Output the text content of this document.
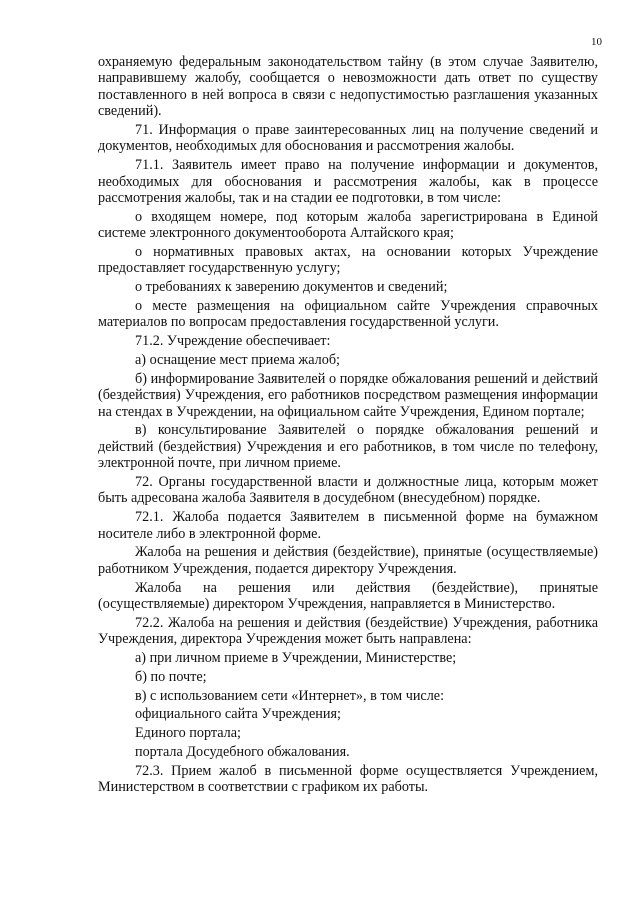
10

охраняемую федеральным законодательством тайну (в этом случае Заявителю, направившему жалобу, сообщается о невозможности дать ответ по существу поставленного в ней вопроса в связи с недопустимостью разглашения указанных сведений).

71. Информация о праве заинтересованных лиц на получение сведений и документов, необходимых для обоснования и рассмотрения жалобы.

71.1. Заявитель имеет право на получение информации и документов, необходимых для обоснования и рассмотрения жалобы, как в процессе рассмотрения жалобы, так и на стадии ее подготовки, в том числе:

о входящем номере, под которым жалоба зарегистрирована в Единой системе электронного документооборота Алтайского края;

о нормативных правовых актах, на основании которых Учреждение предоставляет государственную услугу;

о требованиях к заверению документов и сведений;

о месте размещения на официальном сайте Учреждения справочных материалов по вопросам предоставления государственной услуги.

71.2. Учреждение обеспечивает:

а) оснащение мест приема жалоб;

б) информирование Заявителей о порядке обжалования решений и действий (бездействия) Учреждения, его работников посредством размещения информации на стендах в Учреждении, на официальном сайте Учреждения, Едином портале;

в) консультирование Заявителей о порядке обжалования решений и действий (бездействия) Учреждения и его работников, в том числе по телефону, электронной почте, при личном приеме.

72. Органы государственной власти и должностные лица, которым может быть адресована жалоба Заявителя в досудебном (внесудебном) порядке.

72.1. Жалоба подается Заявителем в письменной форме на бумажном носителе либо в электронной форме.

Жалоба на решения и действия (бездействие), принятые (осуществляемые) работником Учреждения, подается директору Учреждения.

Жалоба на решения или действия (бездействие), принятые (осуществляемые) директором Учреждения, направляется в Министерство.

72.2. Жалоба на решения и действия (бездействие) Учреждения, работника Учреждения, директора Учреждения может быть направлена:

а) при личном приеме в Учреждении, Министерстве;

б) по почте;

в) с использованием сети «Интернет», в том числе:

официального сайта Учреждения;

Единого портала;

портала Досудебного обжалования.

72.3. Прием жалоб в письменной форме осуществляется Учреждением, Министерством в соответствии с графиком их работы.
